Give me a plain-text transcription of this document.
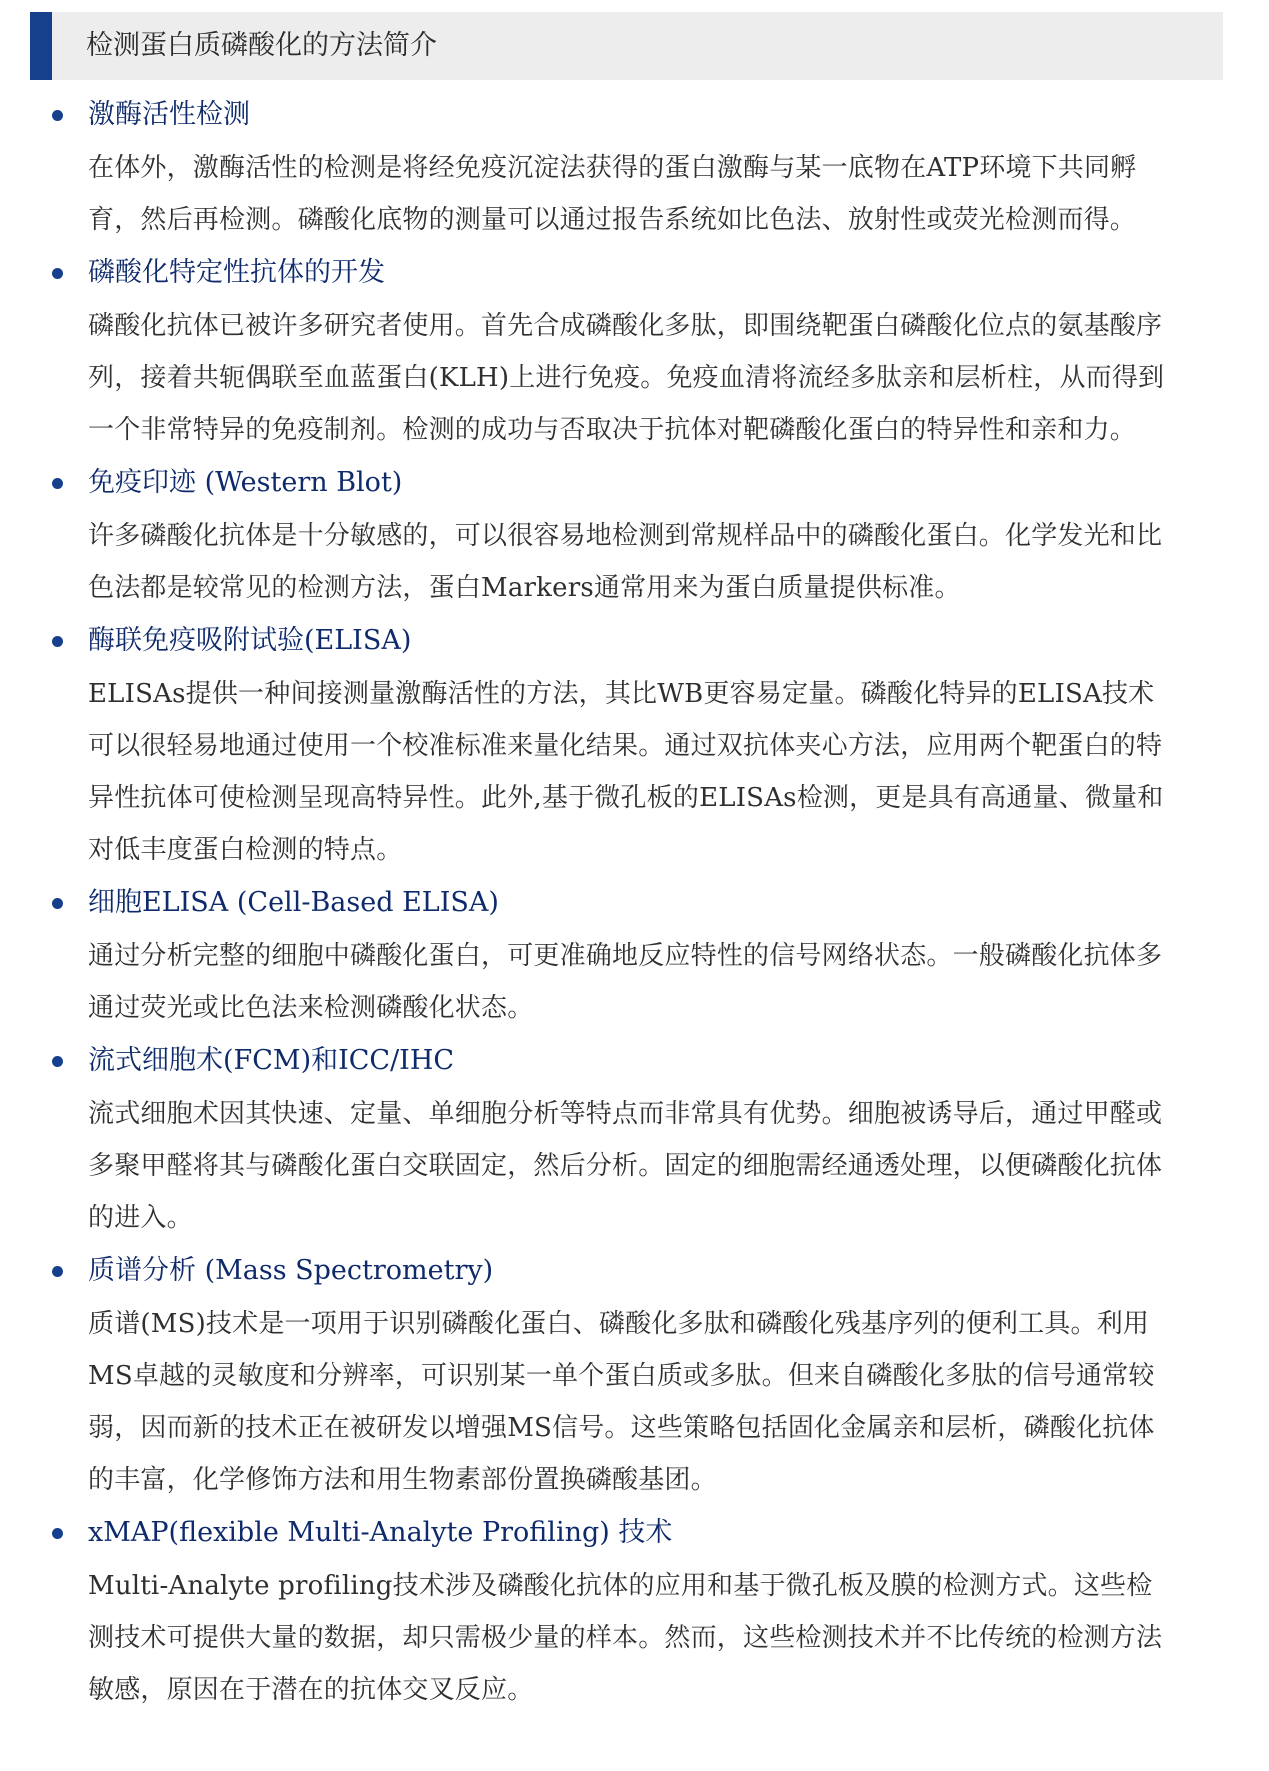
检测蛋白质磷酸化的方法简介
激酶活性检测

在体外，激酶活性的检测是将经免疫沉淀法获得的蛋白激酶与某一底物在ATP环境下共同孵育，然后再检测。磷酸化底物的测量可以通过报告系统如比色法、放射性或荧光检测而得。

磷酸化特定性抗体的开发

磷酸化抗体已被许多研究者使用。首先合成磷酸化多肽，即围绕靶蛋白磷酸化位点的氨基酸序列，接着共轭偶联至血蓝蛋白(KLH)上进行免疫。免疫血清将流经多肽亲和层析柱，从而得到一个非常特异的免疫制剂。检测的成功与否取决于抗体对靶磷酸化蛋白的特异性和亲和力。

免疫印迹 (Western Blot)

许多磷酸化抗体是十分敏感的，可以很容易地检测到常规样品中的磷酸化蛋白。化学发光和比色法都是较常见的检测方法，蛋白Markers通常用来为蛋白质量提供标准。

酶联免疫吸附试验(ELISA)

ELISAs提供一种间接测量激酶活性的方法，其比WB更容易定量。磷酸化特异的ELISA技术可以很轻易地通过使用一个校准标准来量化结果。通过双抗体夹心方法，应用两个靶蛋白的特异性抗体可使检测呈现高特异性。此外,基于微孔板的ELISAs检测，更是具有高通量、微量和对低丰度蛋白检测的特点。

细胞ELISA (Cell-Based ELISA)

通过分析完整的细胞中磷酸化蛋白，可更准确地反应特性的信号网络状态。一般磷酸化抗体多通过荧光或比色法来检测磷酸化状态。

流式细胞术(FCM)和ICC/IHC

流式细胞术因其快速、定量、单细胞分析等特点而非常具有优势。细胞被诱导后，通过甲醛或多聚甲醛将其与磷酸化蛋白交联固定，然后分析。固定的细胞需经通透处理，以便磷酸化抗体的进入。

质谱分析 (Mass Spectrometry)

质谱(MS)技术是一项用于识别磷酸化蛋白、磷酸化多肽和磷酸化残基序列的便利工具。利用MS卓越的灵敏度和分辨率，可识别某一单个蛋白质或多肽。但来自磷酸化多肽的信号通常较弱，因而新的技术正在被研发以增强MS信号。这些策略包括固化金属亲和层析，磷酸化抗体的丰富，化学修饰方法和用生物素部份置换磷酸基团。

xMAP(flexible Multi-Analyte Profiling) 技术

Multi-Analyte profiling技术涉及磷酸化抗体的应用和基于微孔板及膜的检测方式。这些检测技术可提供大量的数据，却只需极少量的样本。然而，这些检测技术并不比传统的检测方法敏感，原因在于潜在的抗体交叉反应。
